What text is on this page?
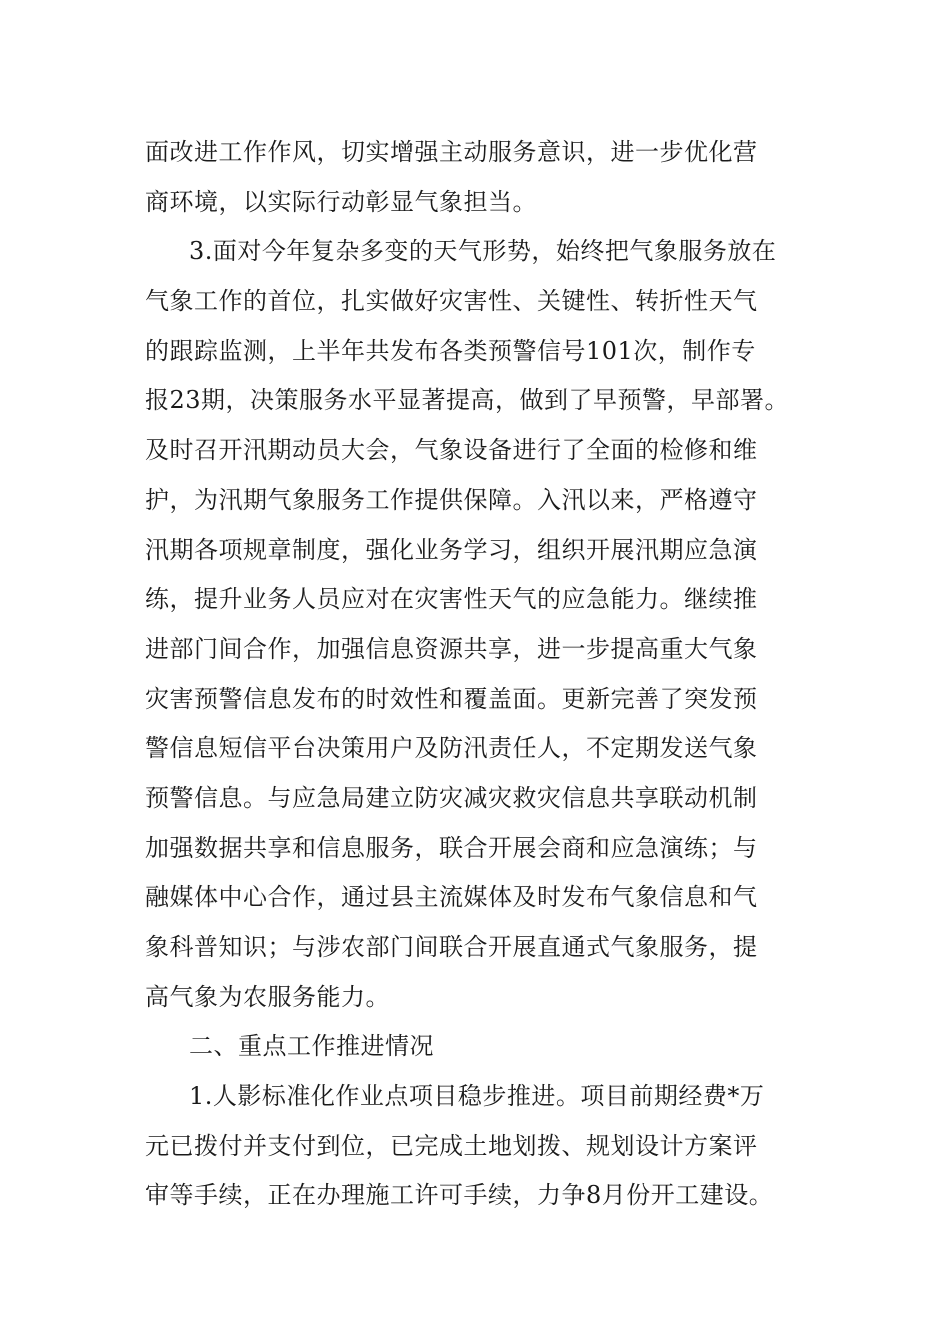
面改进工作作风，切实增强主动服务意识，进一步优化营
商环境，以实际行动彰显气象担当。
3.面对今年复杂多变的天气形势，始终把气象服务放在
气象工作的首位，扎实做好灾害性、关键性、转折性天气
的跟踪监测，上半年共发布各类预警信号101次，制作专
报23期，决策服务水平显著提高，做到了早预警，早部署。
及时召开汛期动员大会，气象设备进行了全面的检修和维
护，为汛期气象服务工作提供保障。入汛以来，严格遵守
汛期各项规章制度，强化业务学习，组织开展汛期应急演
练，提升业务人员应对在灾害性天气的应急能力。继续推
进部门间合作，加强信息资源共享，进一步提高重大气象
灾害预警信息发布的时效性和覆盖面。更新完善了突发预
警信息短信平台决策用户及防汛责任人，不定期发送气象
预警信息。与应急局建立防灾减灾救灾信息共享联动机制
加强数据共享和信息服务，联合开展会商和应急演练；与
融媒体中心合作，通过县主流媒体及时发布气象信息和气
象科普知识；与涉农部门间联合开展直通式气象服务，提
高气象为农服务能力。
二、重点工作推进情况
1.人影标准化作业点项目稳步推进。项目前期经费*万
元已拨付并支付到位，已完成土地划拨、规划设计方案评
审等手续，正在办理施工许可手续，力争8月份开工建设。
